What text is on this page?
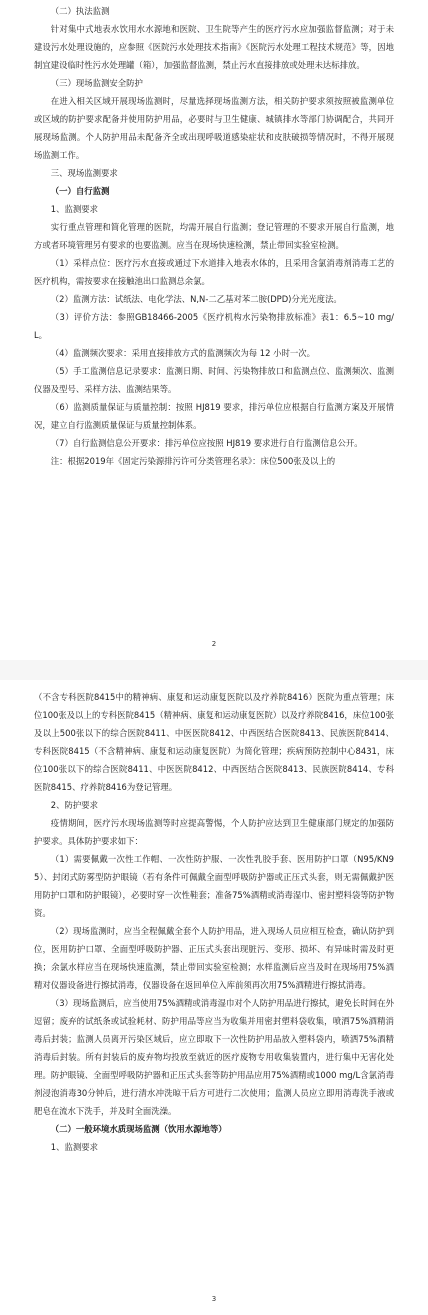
（二）执法监测

针对集中式地表水饮用水水源地和医院、卫生院等产生的医疗污水应加强监督监测；对于未建设污水处理设施的，应参照《医院污水处理技术指南》《医院污水处理工程技术规范》等，因地制宜建设临时性污水处理罐（箱），加强监督监测，禁止污水直接排放或处理未达标排放。

（三）现场监测安全防护

在进入相关区域开展现场监测时，尽量选择现场监测方法，相关防护要求须按照被监测单位或区域的防护要求配备并使用防护用品，必要时与卫生健康、城镇排水等部门协调配合，共同开展现场监测。个人防护用品未配备齐全或出现呼吸道感染症状和皮肤破损等情况时，不得开展现场监测工作。

三、现场监测要求

（一）自行监测

1、监测要求

实行重点管理和简化管理的医院，均需开展自行监测；登记管理的不要求开展自行监测，地方或者环境管理另有要求的也要监测。应当在现场快速检测，禁止带回实验室检测。

（1）采样点位：医疗污水直接或通过下水道排入地表水体的，且采用含氯消毒剂消毒工艺的医疗机构，需按要求在接触池出口监测总余氯。

（2）监测方法：试纸法、电化学法、N,N-二乙基对苯二胺(DPD)分光光度法。

（3）评价方法：参照GB18466-2005《医疗机构水污染物排放标准》表1：6.5~10 mg/L。

（4）监测频次要求：采用直接排放方式的监测频次为每 12 小时一次。

（5）手工监测信息记录要求：监测日期、时间、污染物排放口和监测点位、监测频次、监测仪器及型号、采样方法、监测结果等。

（6）监测质量保证与质量控制：按照 HJ819 要求，排污单位应根据自行监测方案及开展情况，建立自行监测质量保证与质量控制体系。

（7）自行监测信息公开要求：排污单位应按照 HJ819 要求进行自行监测信息公开。

注：根据2019年《固定污染源排污许可分类管理名录》：床位500张及以上的

2

（不含专科医院8415中的精神病、康复和运动康复医院以及疗养院8416）医院为重点管理；床位100张及以上的专科医院8415（精神病、康复和运动康复医院）以及疗养院8416，床位100张及以上500张以下的综合医院8411、中医医院8412、中西医结合医院8413、民族医院8414、专科医院8415（不含精神病、康复和运动康复医院）为简化管理；疾病预防控制中心8431，床位100张以下的综合医院8411、中医医院8412、中西医结合医院8413、民族医院8414、专科医院8415、疗养院8416为登记管理。

2、防护要求

疫情期间，医疗污水现场监测等时应提高警惕，个人防护应达到卫生健康部门规定的加强防护要求。具体防护要求如下：

（1）需要佩戴一次性工作帽、一次性防护服、一次性乳胶手套、医用防护口罩（N95/KN95）、封闭式防雾型防护眼镜（若有条件可佩戴全面型呼吸防护器或正压式头套，则无需佩戴护医用防护口罩和防护眼镜），必要时穿一次性鞋套；准备75%酒精或消毒湿巾、密封塑料袋等防护物资。

（2）现场监测时，应当全程佩戴全套个人防护用品，进入现场人员应相互检查，确认防护到位，医用防护口罩、全面型呼吸防护器、正压式头套出现脏污、变形、损坏、有异味时需及时更换；余氯水样应当在现场快速监测，禁止带回实验室检测；水样监测后应当及时在现场用75%酒精对仪器设备进行擦拭消毒，仪器设备在返回单位入库前须再次用75%酒精进行擦拭消毒。

（3）现场监测后，应当使用75%酒精或消毒湿巾对个人防护用品进行擦拭，避免长时间在外逗留；废弃的试纸条或试验耗材、防护用品等应当为收集并用密封塑料袋收集，喷洒75%酒精消毒后封装；监测人员离开污染区域后，应立即取下一次性防护用品放入塑料袋内，喷洒75%酒精消毒后封装。所有封装后的废弃物均投放至就近的医疗废物专用收集装置内，进行集中无害化处理。防护眼镜、全面型呼吸防护器和正压式头套等防护用品应用75%酒精或1000 mg/L含氯消毒剂浸泡消毒30分钟后，进行清水冲洗晾干后方可进行二次使用；监测人员应立即用消毒洗手液或肥皂在流水下洗手，并及时全面洗澡。

（二）一般环境水质现场监测（饮用水源地等）

1、监测要求

3
